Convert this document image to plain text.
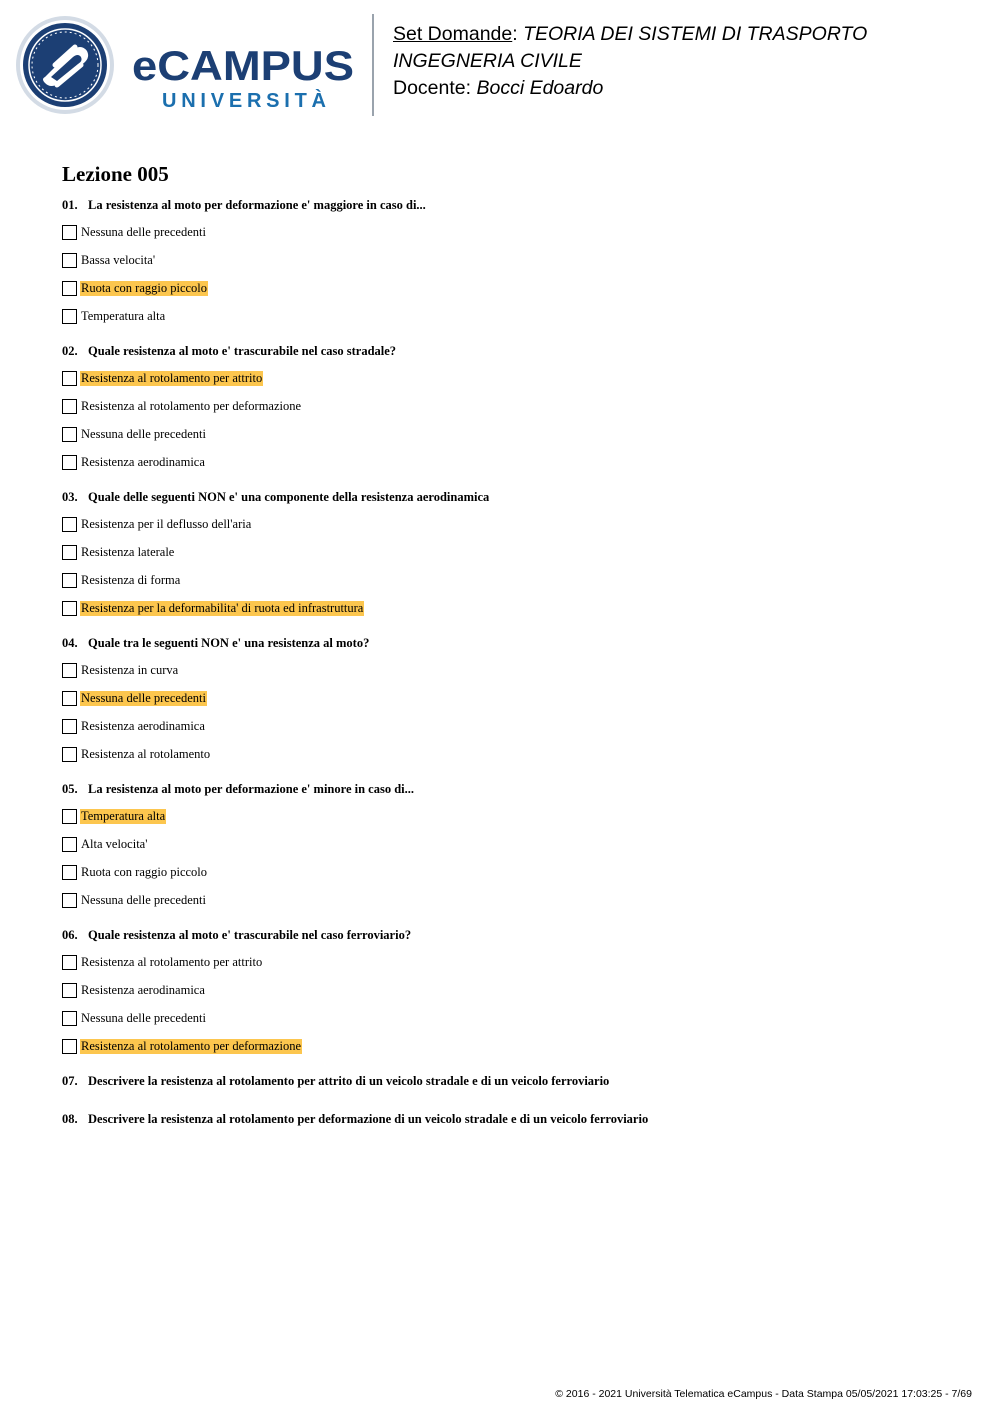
eCAMPUS
UNIVERSITÀ
Set Domande: TEORIA DEI SISTEMI DI TRASPORTO
INGEGNERIA CIVILE
Docente: Bocci Edoardo
Lezione 005
01. La resistenza al moto per deformazione e' maggiore in caso di...
Nessuna delle precedenti
Bassa velocita'
Ruota con raggio piccolo
Temperatura alta
02. Quale resistenza al moto e' trascurabile nel caso stradale?
Resistenza al rotolamento per attrito
Resistenza al rotolamento per deformazione
Nessuna delle precedenti
Resistenza aerodinamica
03. Quale delle seguenti NON e' una componente della resistenza aerodinamica
Resistenza per il deflusso dell'aria
Resistenza laterale
Resistenza di forma
Resistenza per la deformabilita' di ruota ed infrastruttura
04. Quale tra le seguenti NON e' una resistenza al moto?
Resistenza in curva
Nessuna delle precedenti
Resistenza aerodinamica
Resistenza al rotolamento
05. La resistenza al moto per deformazione e' minore in caso di...
Temperatura alta
Alta velocita'
Ruota con raggio piccolo
Nessuna delle precedenti
06. Quale resistenza al moto e' trascurabile nel caso ferroviario?
Resistenza al rotolamento per attrito
Resistenza aerodinamica
Nessuna delle precedenti
Resistenza al rotolamento per deformazione
07. Descrivere la resistenza al rotolamento per attrito di un veicolo stradale e di un veicolo ferroviario
08. Descrivere la resistenza al rotolamento per deformazione di un veicolo stradale e di un veicolo ferroviario
© 2016 - 2021 Università Telematica eCampus - Data Stampa 05/05/2021 17:03:25 - 7/69
